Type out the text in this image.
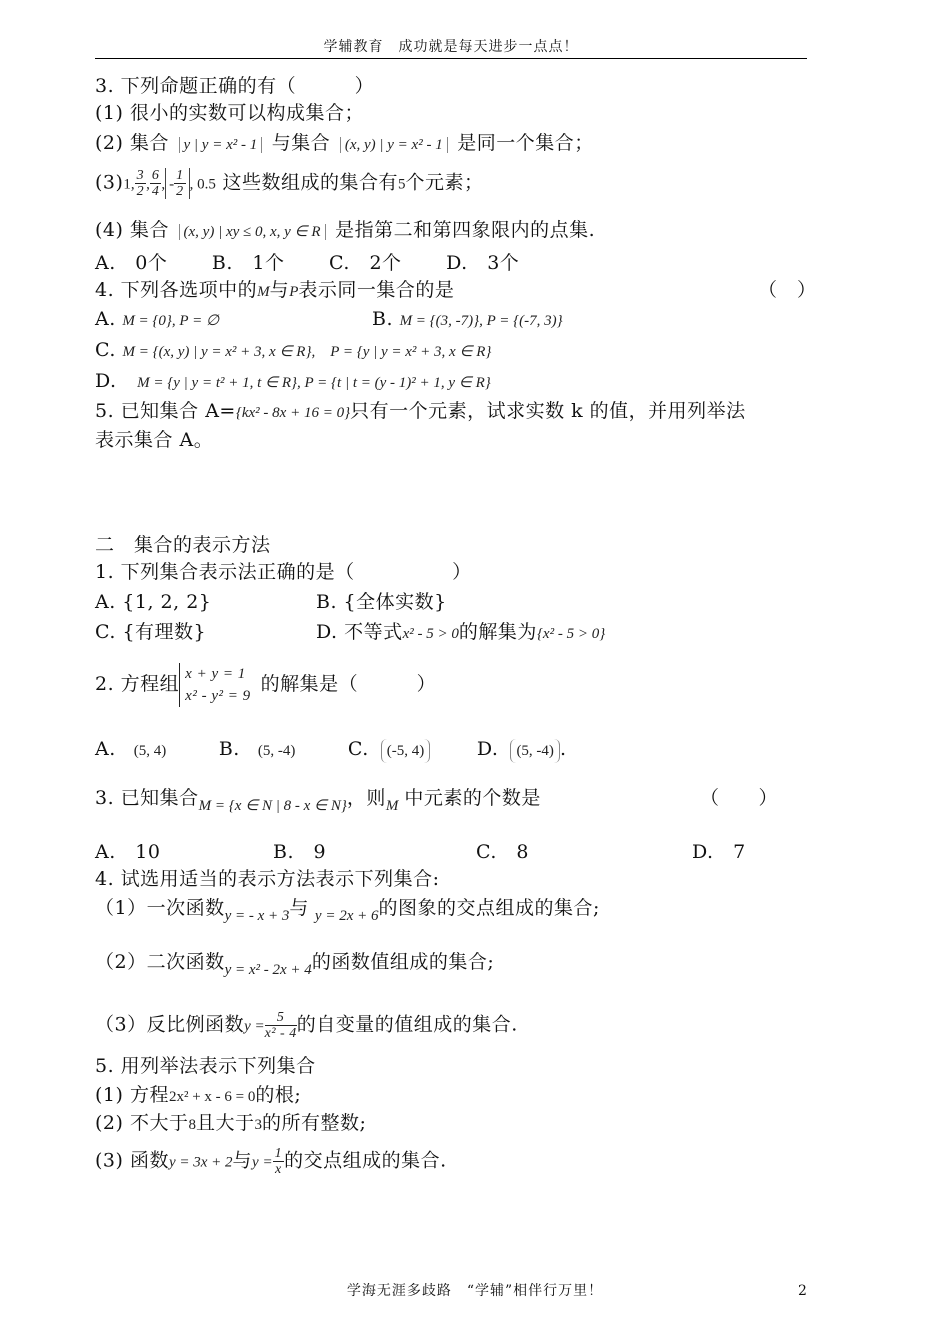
学辅教育　成功就是每天进步一点点！
3. 下列命题正确的有（　　　）
(1) 很小的实数可以构成集合；
(2) 集合 y | y = x² - 1 与集合 (x, y) | y = x² - 1 是同一个集合；
(3)1, $\frac{3}{2}$ , $\frac{6}{4}$ , - $\frac{1}{2}$ , 0.5 这些数组成的集合有5个元素；
(4) 集合 (x, y) | xy ≤ 0, x, y ∈ R 是指第二和第四象限内的点集.
A.　0个 B.　1个 C.　2个 D.　3个
4. 下列各选项中的M与P表示同一集合的是	（　）
A. M = {0}, P = ∅	B. M = {(3, -7)}, P = {(-7, 3)}
C. M = {(x, y) | y = x² + 3, x ∈ R},　P = {y | y = x² + 3, x ∈ R}
D. M = {y | y = t² + 1, t ∈ R}, P = {t | t = (y - 1)² + 1, y ∈ R}
5. 已知集合 A={kx² - 8x + 16 = 0}只有一个元素，试求实数 k 的值，并用列举法
表示集合 A。
二　集合的表示方法
1. 下列集合表示法正确的是（　　　　　）
A. {1, 2, 2}	B. {全体实数}
C. {有理数}	D. 不等式x² - 5 > 0的解集为{x² - 5 > 0}
2. 方程组 x + y = 1
x² - y² = 9
的解集是（　　　）
A. (5, 4)	B. (5, -4)	C. (-5, 4)	D. (5, -4) .
3. 已知集合$_{M = \{x \in N | 8 - x \in N\}}$，则$_M$ 中元素的个数是	（　　）
A.　10	B.　9	C.　8	D.　7
4. 试选用适当的表示方法表示下列集合:
（1）一次函数$_{y = - x + 3}$与 $_{y = 2x + 6}$的图象的交点组成的集合;
（2）二次函数$_{y = x^2 - 2x + 4}$的函数值组成的集合;
（3）反比例函数$y = \frac{5}{\text{x² - 4}}$ 的自变量的值组成的集合.
5. 用列举法表示下列集合
(1) 方程2x² + x - 6 = 0的根;
(2) 不大于8且大于3的所有整数;
(3) 函数y = 3x + 2与$y = \frac{1}{x}$ 的交点组成的集合.
学海无涯多歧路　“学辅”相伴行万里！	2
